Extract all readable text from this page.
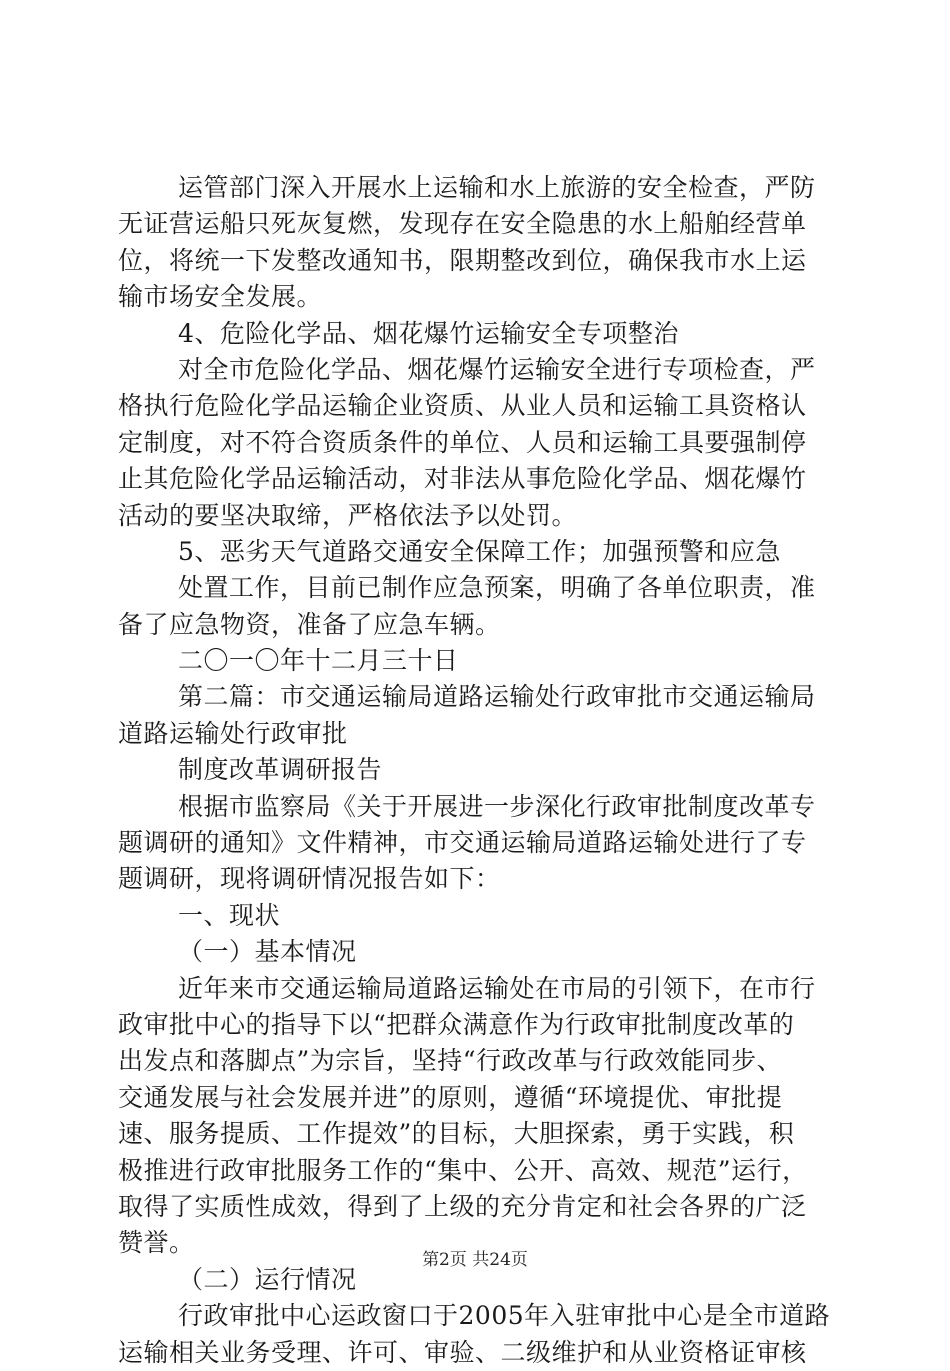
运管部门深入开展水上运输和水上旅游的安全检查，严防
无证营运船只死灰复燃，发现存在安全隐患的水上船舶经营单
位，将统一下发整改通知书，限期整改到位，确保我市水上运
输市场安全发展。
4、危险化学品、烟花爆竹运输安全专项整治
对全市危险化学品、烟花爆竹运输安全进行专项检查，严
格执行危险化学品运输企业资质、从业人员和运输工具资格认
定制度，对不符合资质条件的单位、人员和运输工具要强制停
止其危险化学品运输活动，对非法从事危险化学品、烟花爆竹
活动的要坚决取缔，严格依法予以处罚。
5、恶劣天气道路交通安全保障工作；加强预警和应急
处置工作，目前已制作应急预案，明确了各单位职责，准
备了应急物资，准备了应急车辆。
二〇一〇年十二月三十日
第二篇：市交通运输局道路运输处行政审批市交通运输局
道路运输处行政审批
制度改革调研报告
根据市监察局《关于开展进一步深化行政审批制度改革专
题调研的通知》文件精神，市交通运输局道路运输处进行了专
题调研，现将调研情况报告如下：
一、现状
（一）基本情况
近年来市交通运输局道路运输处在市局的引领下，在市行
政审批中心的指导下以“把群众满意作为行政审批制度改革的
出发点和落脚点”为宗旨，坚持“行政改革与行政效能同步、
交通发展与社会发展并进”的原则，遵循“环境提优、审批提
速、服务提质、工作提效”的目标，大胆探索，勇于实践，积
极推进行政审批服务工作的“集中、公开、高效、规范”运行，
取得了实质性成效，得到了上级的充分肯定和社会各界的广泛
赞誉。
（二）运行情况
行政审批中心运政窗口于2005年入驻审批中心是全市道路
运输相关业务受理、许可、审验、二级维护和从业资格证审核
第2页 共24页
